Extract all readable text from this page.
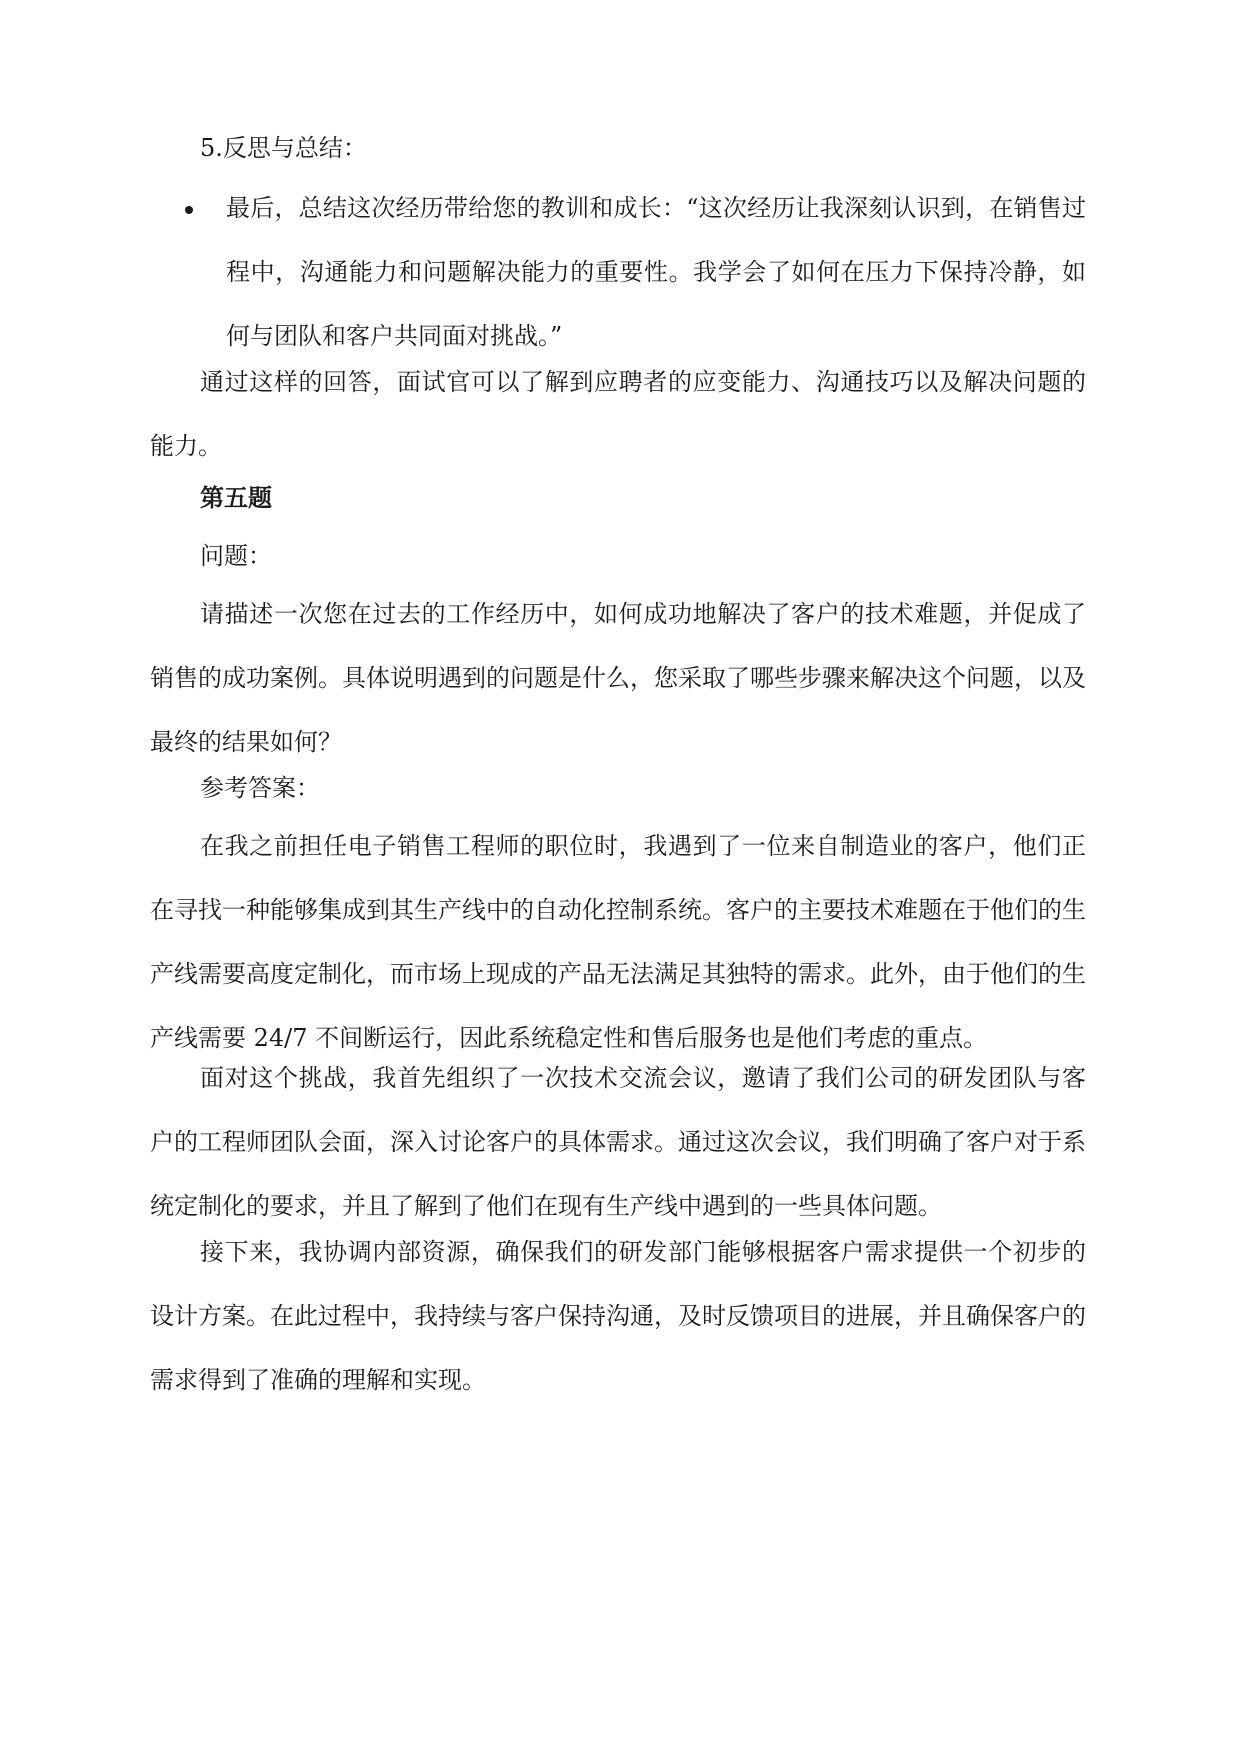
5.反思与总结：

最后，总结这次经历带给您的教训和成长：“这次经历让我深刻认识到，在销售过程中，沟通能力和问题解决能力的重要性。我学会了如何在压力下保持冷静，如何与团队和客户共同面对挑战。”

通过这样的回答，面试官可以了解到应聘者的应变能力、沟通技巧以及解决问题的能力。

第五题

问题：

请描述一次您在过去的工作经历中，如何成功地解决了客户的技术难题，并促成了销售的成功案例。具体说明遇到的问题是什么，您采取了哪些步骤来解决这个问题，以及最终的结果如何？

参考答案：

在我之前担任电子销售工程师的职位时，我遇到了一位来自制造业的客户，他们正在寻找一种能够集成到其生产线中的自动化控制系统。客户的主要技术难题在于他们的生产线需要高度定制化，而市场上现成的产品无法满足其独特的需求。此外，由于他们的生产线需要 24/7 不间断运行，因此系统稳定性和售后服务也是他们考虑的重点。

面对这个挑战，我首先组织了一次技术交流会议，邀请了我们公司的研发团队与客户的工程师团队会面，深入讨论客户的具体需求。通过这次会议，我们明确了客户对于系统定制化的要求，并且了解到了他们在现有生产线中遇到的一些具体问题。

接下来，我协调内部资源，确保我们的研发部门能够根据客户需求提供一个初步的设计方案。在此过程中，我持续与客户保持沟通，及时反馈项目的进展，并且确保客户的需求得到了准确的理解和实现。
